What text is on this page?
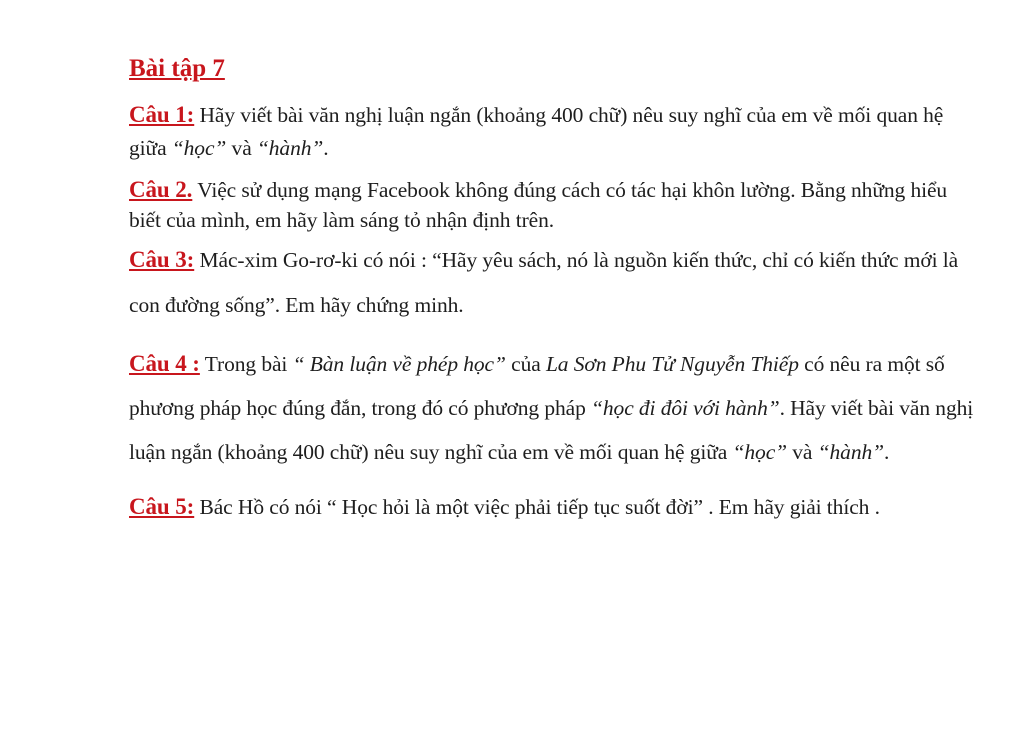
Bài tập 7

Câu 1: Hãy viết bài văn nghị luận ngắn (khoảng 400 chữ) nêu suy nghĩ của em về mối quan hệ giữa “học” và “hành”.

Câu 2. Việc sử dụng mạng Facebook không đúng cách có tác hại khôn lường. Bằng những hiểu biết của mình, em hãy làm sáng tỏ nhận định trên.

Câu 3: Mác-xim Go-rơ-ki có nói : “Hãy yêu sách, nó là nguồn kiến thức, chỉ có kiến thức mới là con đường sống”. Em hãy chứng minh.

Câu 4 : Trong bài “ Bàn luận về phép học” của La Sơn Phu Tử Nguyễn Thiếp có nêu ra một số phương pháp học đúng đắn, trong đó có phương pháp “học đi đôi với hành”. Hãy viết bài văn nghị luận ngắn (khoảng 400 chữ) nêu suy nghĩ của em về mối quan hệ giữa “học” và “hành”.

Câu 5: Bác Hồ có nói “ Học hỏi là một việc phải tiếp tục suốt đời” . Em hãy giải thích .
